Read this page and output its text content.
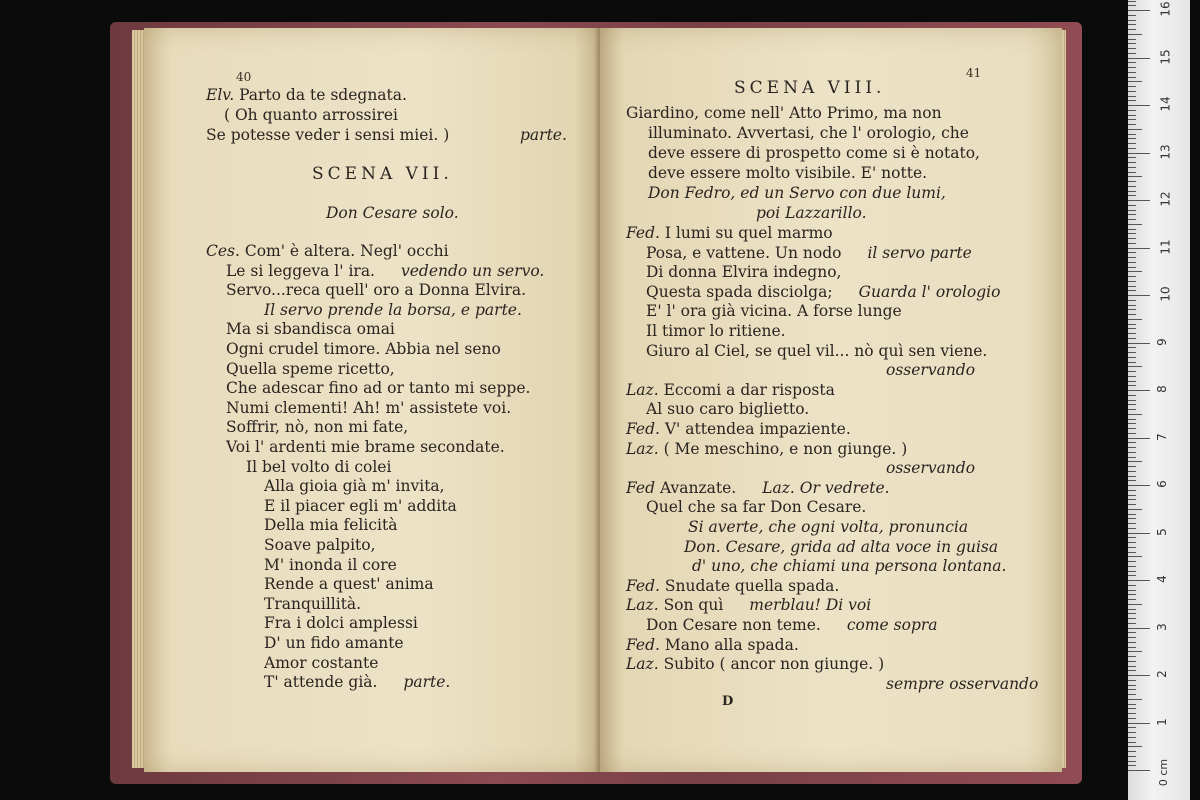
40
Elv. Parto da te sdegnata.
( Oh quanto arrossirei
Se potesse veder i sensi miei. )	parte.
SCENA VII.
Don Cesare solo.
Ces. Com' è altera. Negl' occhi
Le si leggeva l' ira. vedendo un servo.
Servo...reca quell' oro a Donna Elvira.
Il servo prende la borsa, e parte.
Ma si sbandisca omai
Ogni crudel timore. Abbia nel seno
Quella speme ricetto,
Che adescar fino ad or tanto mi seppe.
Numi clementi! Ah! m' assistete voi.
Soffrir, nò, non mi fate,
Voi l' ardenti mie brame secondate.
Il bel volto di colei
Alla gioia già m' invita,
E il piacer egli m' addita
Della mia felicità
Soave palpito,
M' inonda il core
Rende a quest' anima
Tranquillità.
Fra i dolci amplessi
D' un fido amante
Amor costante
T' attende già. parte.
41
SCENA VIII.
Giardino, come nell' Atto Primo, ma non
illuminato. Avvertasi, che l' orologio, che
deve essere di prospetto come si è notato,
deve essere molto visibile. E' notte.
Don Fedro, ed un Servo con due lumi,
poi Lazzarillo.
Fed. I lumi su quel marmo
Posa, e vattene. Un nodo il servo parte
Di donna Elvira indegno,
Questa spada disciolga; Guarda l' orologio
E' l' ora già vicina. A forse lunge
Il timor lo ritiene.
Giuro al Ciel, se quel vil... nò quì sen viene.
osservando
Laz. Eccomi a dar risposta
Al suo caro biglietto.
Fed. V' attendea impaziente.
Laz. ( Me meschino, e non giunge. )
osservando
Fed Avanzate. Laz. Or vedrete.
Quel che sa far Don Cesare.
Si averte, che ogni volta, pronuncia
Don. Cesare, grida ad alta voce in guisa
d' uno, che chiami una persona lontana.
Fed. Snudate quella spada.
Laz. Son quì merblau! Di voi
Don Cesare non teme. come sopra
Fed. Mano alla spada.
Laz. Subito ( ancor non giunge. )
sempre osservando
D
1
2
3
4
5
6
7
8
9
10
11
12
13
14
15
16
0 cm
